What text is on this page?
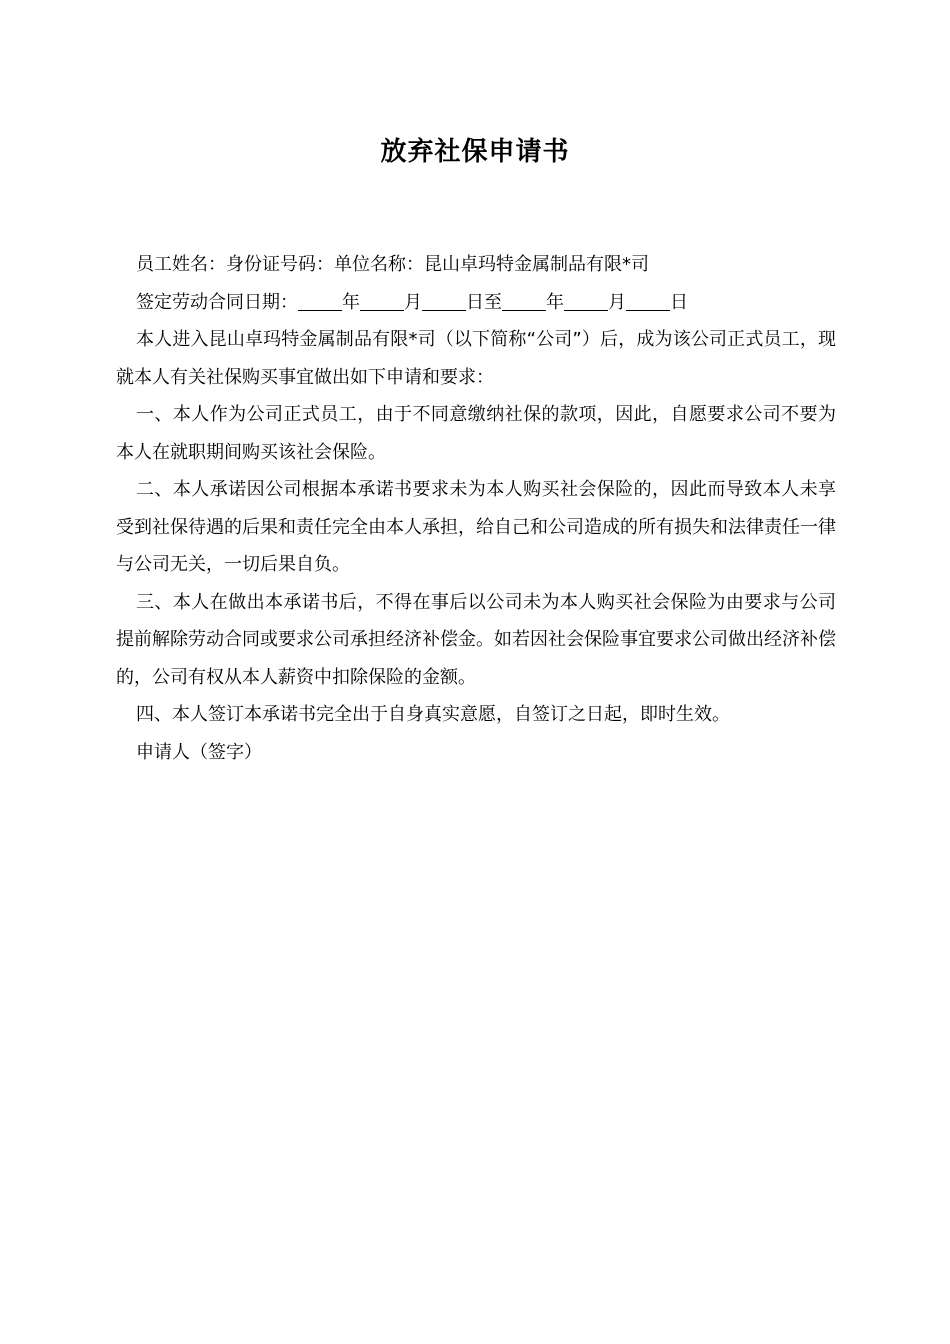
放弃社保申请书

员工姓名：身份证号码：单位名称：昆山卓玛特金属制品有限*司

签定劳动合同日期： 年 月 日至 年 月 日

本人进入昆山卓玛特金属制品有限*司（以下简称“公司”）后，成为该公司正式员工，现就本人有关社保购买事宜做出如下申请和要求：

一、本人作为公司正式员工，由于不同意缴纳社保的款项，因此，自愿要求公司不要为本人在就职期间购买该社会保险。

二、本人承诺因公司根据本承诺书要求未为本人购买社会保险的，因此而导致本人未享受到社保待遇的后果和责任完全由本人承担，给自己和公司造成的所有损失和法律责任一律与公司无关，一切后果自负。

三、本人在做出本承诺书后，不得在事后以公司未为本人购买社会保险为由要求与公司提前解除劳动合同或要求公司承担经济补偿金。如若因社会保险事宜要求公司做出经济补偿的，公司有权从本人薪资中扣除保险的金额。

四、本人签订本承诺书完全出于自身真实意愿，自签订之日起，即时生效。

申请人（签字）
